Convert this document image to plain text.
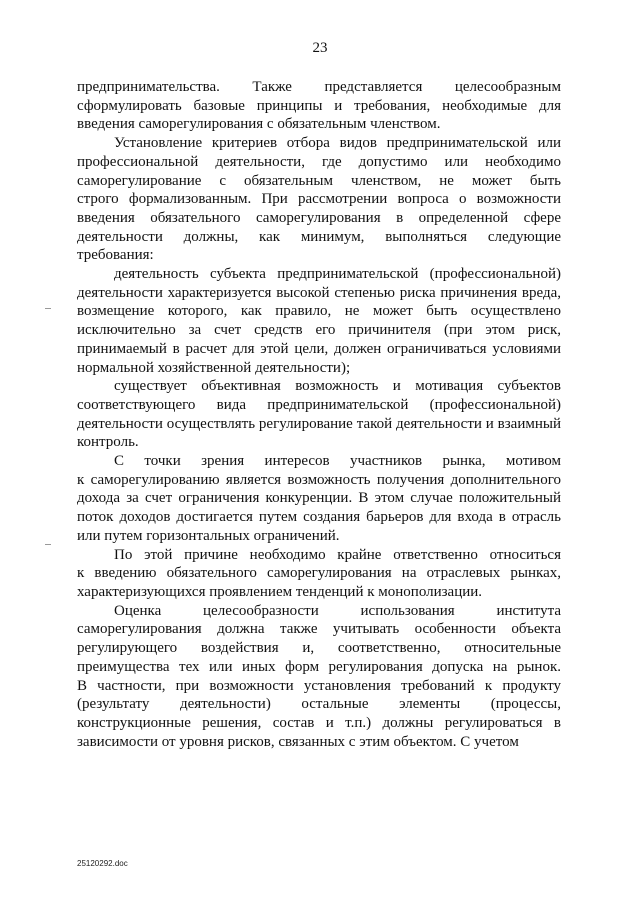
23
предпринимательства. Также представляется целесообразным
сформулировать базовые принципы и требования, необходимые для
введения саморегулирования с обязательным членством.
Установление критериев отбора видов предпринимательской или
профессиональной деятельности, где допустимо или необходимо
саморегулирование с обязательным членством, не может быть
строго формализованным. При рассмотрении вопроса о возможности
введения обязательного саморегулирования в определенной сфере
деятельности должны, как минимум, выполняться следующие
требования:
деятельность субъекта предпринимательской (профессиональной)
деятельности характеризуется высокой степенью риска причинения вреда,
возмещение которого, как правило, не может быть осуществлено
исключительно за счет средств его причинителя (при этом риск,
принимаемый в расчет для этой цели, должен ограничиваться условиями
нормальной хозяйственной деятельности);
существует объективная возможность и мотивация субъектов
соответствующего вида предпринимательской (профессиональной)
деятельности осуществлять регулирование такой деятельности и взаимный
контроль.
С точки зрения интересов участников рынка, мотивом
к саморегулированию является возможность получения дополнительного
дохода за счет ограничения конкуренции. В этом случае положительный
поток доходов достигается путем создания барьеров для входа в отрасль
или путем горизонтальных ограничений.
По этой причине необходимо крайне ответственно относиться
к введению обязательного саморегулирования на отраслевых рынках,
характеризующихся проявлением тенденций к монополизации.
Оценка целесообразности использования института
саморегулирования должна также учитывать особенности объекта
регулирующего воздействия и, соответственно, относительные
преимущества тех или иных форм регулирования допуска на рынок.
В частности, при возможности установления требований к продукту
(результату деятельности) остальные элементы (процессы,
конструкционные решения, состав и т.п.) должны регулироваться в
зависимости от уровня рисков, связанных с этим объектом. С учетом
25120292.doc
